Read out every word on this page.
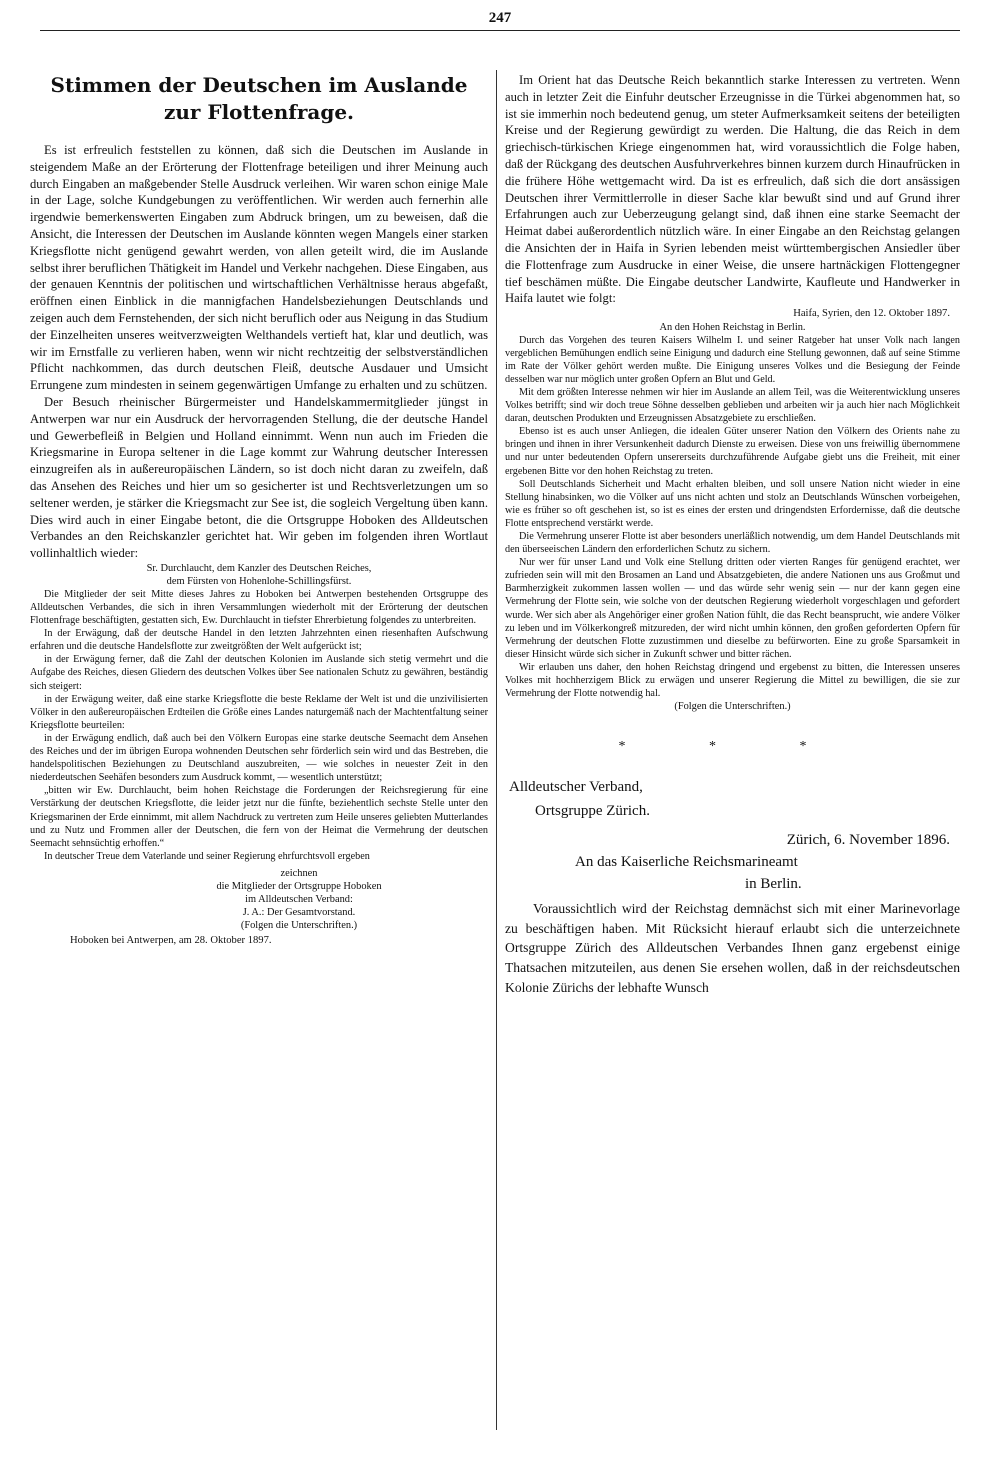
247
Stimmen der Deutschen im Auslande
zur Flottenfrage.

Es ist erfreulich feststellen zu können, daß sich die Deutschen im Auslande in steigendem Maße an der Erörterung der Flottenfrage beteiligen und ihrer Meinung auch durch Eingaben an maßgebender Stelle Ausdruck verleihen. Wir waren schon einige Male in der Lage, solche Kundgebungen zu veröffentlichen. Wir werden auch fernerhin alle irgendwie bemerkenswerten Eingaben zum Abdruck bringen, um zu beweisen, daß die Ansicht, die Interessen der Deutschen im Auslande könnten wegen Mangels einer starken Kriegsflotte nicht genügend gewahrt werden, von allen geteilt wird, die im Auslande selbst ihrer beruflichen Thätigkeit im Handel und Verkehr nachgehen. Diese Eingaben, aus der genauen Kenntnis der politischen und wirtschaftlichen Verhältnisse heraus abgefaßt, eröffnen einen Einblick in die mannigfachen Handelsbeziehungen Deutschlands und zeigen auch dem Fernstehenden, der sich nicht beruflich oder aus Neigung in das Studium der Einzelheiten unseres weitverzweigten Welthandels vertieft hat, klar und deutlich, was wir im Ernstfalle zu verlieren haben, wenn wir nicht rechtzeitig der selbstverständlichen Pflicht nachkommen, das durch deutschen Fleiß, deutsche Ausdauer und Umsicht Errungene zum mindesten in seinem gegenwärtigen Umfange zu erhalten und zu schützen.

Der Besuch rheinischer Bürgermeister und Handelskammermitglieder jüngst in Antwerpen war nur ein Ausdruck der hervorragenden Stellung, die der deutsche Handel und Gewerbefleiß in Belgien und Holland einnimmt. Wenn nun auch im Frieden die Kriegsmarine in Europa seltener in die Lage kommt zur Wahrung deutscher Interessen einzugreifen als in außereuropäischen Ländern, so ist doch nicht daran zu zweifeln, daß das Ansehen des Reiches und hier um so gesicherter ist und Rechtsverletzungen um so seltener werden, je stärker die Kriegsmacht zur See ist, die sogleich Vergeltung üben kann. Dies wird auch in einer Eingabe betont, die die Ortsgruppe Hoboken des Alldeutschen Verbandes an den Reichskanzler gerichtet hat. Wir geben im folgenden ihren Wortlaut vollinhaltlich wieder:

Sr. Durchlaucht, dem Kanzler des Deutschen Reiches,

dem Fürsten von Hohenlohe-Schillingsfürst.

Die Mitglieder der seit Mitte dieses Jahres zu Hoboken bei Antwerpen bestehenden Ortsgruppe des Alldeutschen Verbandes, die sich in ihren Versammlungen wiederholt mit der Erörterung der deutschen Flottenfrage beschäftigten, gestatten sich, Ew. Durchlaucht in tiefster Ehrerbietung folgendes zu unterbreiten.

In der Erwägung, daß der deutsche Handel in den letzten Jahrzehnten einen riesenhaften Aufschwung erfahren und die deutsche Handelsflotte zur zweitgrößten der Welt aufgerückt ist;

in der Erwägung ferner, daß die Zahl der deutschen Kolonien im Auslande sich stetig vermehrt und die Aufgabe des Reiches, diesen Gliedern des deutschen Volkes über See nationalen Schutz zu gewähren, beständig sich steigert:

in der Erwägung weiter, daß eine starke Kriegsflotte die beste Reklame der Welt ist und die unzivilisierten Völker in den außereuropäischen Erdteilen die Größe eines Landes naturgemäß nach der Machtentfaltung seiner Kriegsflotte beurteilen:

in der Erwägung endlich, daß auch bei den Völkern Europas eine starke deutsche Seemacht dem Ansehen des Reiches und der im übrigen Europa wohnenden Deutschen sehr förderlich sein wird und das Bestreben, die handelspolitischen Beziehungen zu Deutschland auszubreiten, — wie solches in neuester Zeit in den niederdeutschen Seehäfen besonders zum Ausdruck kommt, — wesentlich unterstützt;

„bitten wir Ew. Durchlaucht, beim hohen Reichstage die Forderungen der Reichsregierung für eine Verstärkung der deutschen Kriegsflotte, die leider jetzt nur die fünfte, beziehentlich sechste Stelle unter den Kriegsmarinen der Erde einnimmt, mit allem Nachdruck zu vertreten zum Heile unseres geliebten Mutterlandes und zu Nutz und Frommen aller der Deutschen, die fern von der Heimat die Vermehrung der deutschen Seemacht sehnsüchtig erhoffen.“

In deutscher Treue dem Vaterlande und seiner Regierung ehrfurchtsvoll ergeben

zeichnen
die Mitglieder der Ortsgruppe Hoboken
im Alldeutschen Verband:
J. A.: Der Gesamtvorstand.
(Folgen die Unterschriften.)

Hoboken bei Antwerpen, am 28. Oktober 1897.

Im Orient hat das Deutsche Reich bekanntlich starke Interessen zu vertreten. Wenn auch in letzter Zeit die Einfuhr deutscher Erzeugnisse in die Türkei abgenommen hat, so ist sie immerhin noch bedeutend genug, um steter Aufmerksamkeit seitens der beteiligten Kreise und der Regierung gewürdigt zu werden. Die Haltung, die das Reich in dem griechisch-türkischen Kriege eingenommen hat, wird voraussichtlich die Folge haben, daß der Rückgang des deutschen Ausfuhrverkehres binnen kurzem durch Hinaufrücken in die frühere Höhe wettgemacht wird. Da ist es erfreulich, daß sich die dort ansässigen Deutschen ihrer Vermittlerrolle in dieser Sache klar bewußt sind und auf Grund ihrer Erfahrungen auch zur Ueberzeugung gelangt sind, daß ihnen eine starke Seemacht der Heimat dabei außerordentlich nützlich wäre. In einer Eingabe an den Reichstag gelangen die Ansichten der in Haifa in Syrien lebenden meist württembergischen Ansiedler über die Flottenfrage zum Ausdrucke in einer Weise, die unsere hartnäckigen Flottengegner tief beschämen müßte. Die Eingabe deutscher Landwirte, Kaufleute und Handwerker in Haifa lautet wie folgt:

Haifa, Syrien, den 12. Oktober 1897.

An den Hohen Reichstag in Berlin.

Durch das Vorgehen des teuren Kaisers Wilhelm I. und seiner Ratgeber hat unser Volk nach langen vergeblichen Bemühungen endlich seine Einigung und dadurch eine Stellung gewonnen, daß auf seine Stimme im Rate der Völker gehört werden mußte. Die Einigung unseres Volkes und die Besiegung der Feinde desselben war nur möglich unter großen Opfern an Blut und Geld.

Mit dem größten Interesse nehmen wir hier im Auslande an allem Teil, was die Weiterentwicklung unseres Volkes betrifft; sind wir doch treue Söhne desselben geblieben und arbeiten wir ja auch hier nach Möglichkeit daran, deutschen Produkten und Erzeugnissen Absatzgebiete zu erschließen.

Ebenso ist es auch unser Anliegen, die idealen Güter unserer Nation den Völkern des Orients nahe zu bringen und ihnen in ihrer Versunkenheit dadurch Dienste zu erweisen. Diese von uns freiwillig übernommene und nur unter bedeutenden Opfern unsererseits durchzuführende Aufgabe giebt uns die Freiheit, mit einer ergebenen Bitte vor den hohen Reichstag zu treten.

Soll Deutschlands Sicherheit und Macht erhalten bleiben, und soll unsere Nation nicht wieder in eine Stellung hinabsinken, wo die Völker auf uns nicht achten und stolz an Deutschlands Wünschen vorbeigehen, wie es früher so oft geschehen ist, so ist es eines der ersten und dringendsten Erfordernisse, daß die deutsche Flotte entsprechend verstärkt werde.

Die Vermehrung unserer Flotte ist aber besonders unerläßlich notwendig, um dem Handel Deutschlands mit den überseeischen Ländern den erforderlichen Schutz zu sichern.

Nur wer für unser Land und Volk eine Stellung dritten oder vierten Ranges für genügend erachtet, wer zufrieden sein will mit den Brosamen an Land und Absatzgebieten, die andere Nationen uns aus Großmut und Barmherzigkeit zukommen lassen wollen — und das würde sehr wenig sein — nur der kann gegen eine Vermehrung der Flotte sein, wie solche von der deutschen Regierung wiederholt vorgeschlagen und gefordert wurde. Wer sich aber als Angehöriger einer großen Nation fühlt, die das Recht beansprucht, wie andere Völker zu leben und im Völkerkongreß mitzureden, der wird nicht umhin können, den großen geforderten Opfern für Vermehrung der deutschen Flotte zuzustimmen und dieselbe zu befürworten. Eine zu große Sparsamkeit in dieser Hinsicht würde sich sicher in Zukunft schwer und bitter rächen.

Wir erlauben uns daher, den hohen Reichstag dringend und ergebenst zu bitten, die Interessen unseres Volkes mit hochherzigem Blick zu erwägen und unserer Regierung die Mittel zu bewilligen, die sie zur Vermehrung der Flotte notwendig hal.

(Folgen die Unterschriften.)

* * *

Alldeutscher Verband,

Ortsgruppe Zürich.

Zürich, 6. November 1896.

An das Kaiserliche Reichsmarineamt

in Berlin.

Voraussichtlich wird der Reichstag demnächst sich mit einer Marinevorlage zu beschäftigen haben. Mit Rücksicht hierauf erlaubt sich die unterzeichnete Ortsgruppe Zürich des Alldeutschen Verbandes Ihnen ganz ergebenst einige Thatsachen mitzuteilen, aus denen Sie ersehen wollen, daß in der reichsdeutschen Kolonie Zürichs der lebhafte Wunsch
